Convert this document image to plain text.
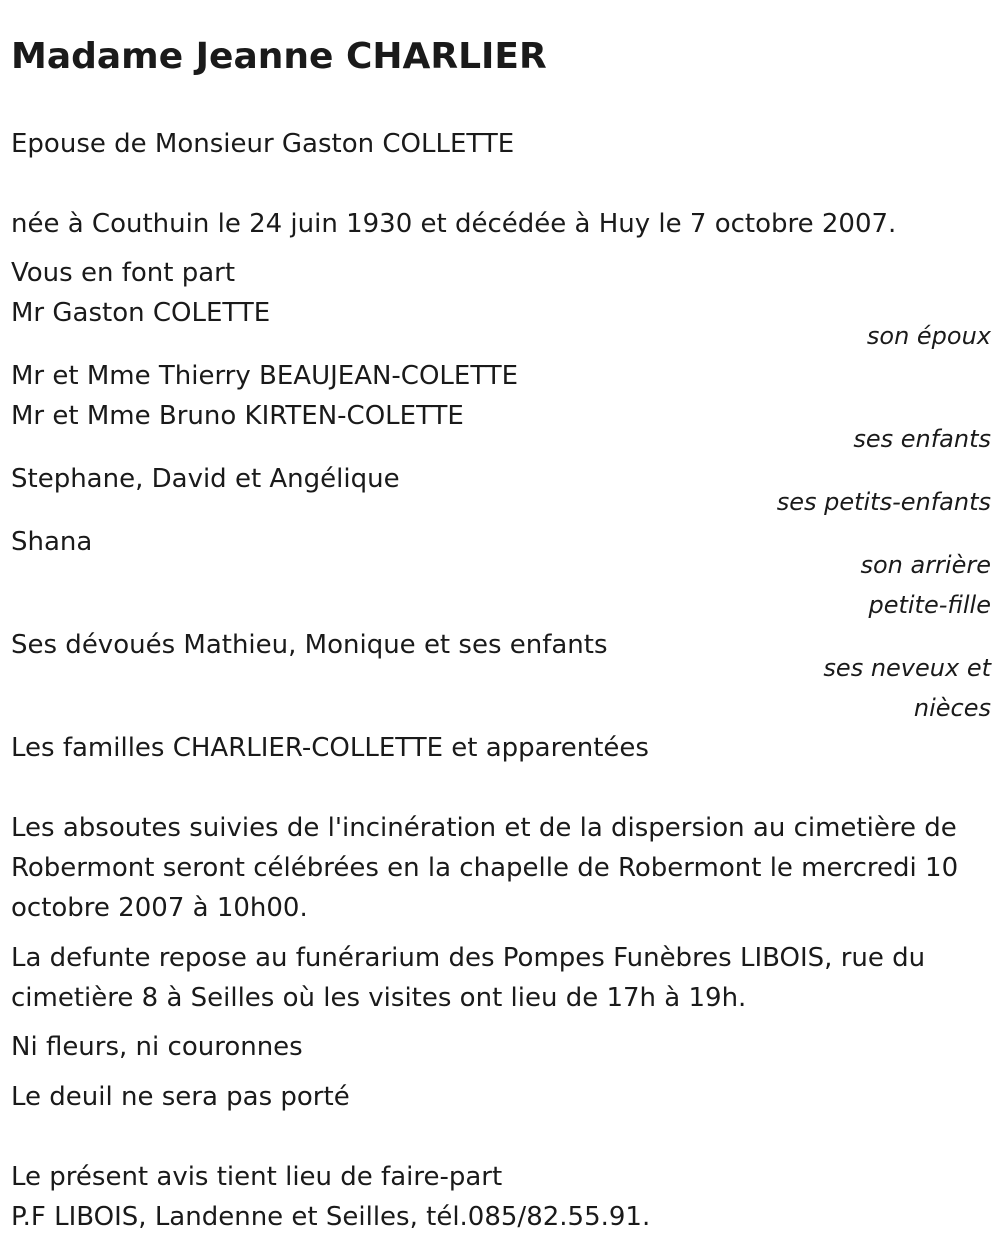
Madame Jeanne CHARLIER
Epouse de Monsieur Gaston COLLETTE
née à Couthuin le 24 juin 1930 et décédée à Huy le 7 octobre 2007.
Vous en font part
Mr Gaston COLETTE
son époux
Mr et Mme Thierry BEAUJEAN-COLETTE
Mr et Mme Bruno KIRTEN-COLETTE
ses enfants
Stephane, David et Angélique
ses petits-enfants
Shana
son arrière
petite-fille
Ses dévoués Mathieu, Monique et ses enfants
ses neveux et
nièces
Les familles CHARLIER-COLLETTE et apparentées
Les absoutes suivies de l'incinération et de la dispersion au cimetière de
Robermont seront célébrées en la chapelle de Robermont le mercredi 10
octobre 2007 à 10h00.
La defunte repose au funérarium des Pompes Funèbres LIBOIS, rue du
cimetière 8 à Seilles où les visites ont lieu de 17h à 19h.
Ni fleurs, ni couronnes
Le deuil ne sera pas porté
Le présent avis tient lieu de faire-part
P.F LIBOIS, Landenne et Seilles, tél.085/82.55.91.
